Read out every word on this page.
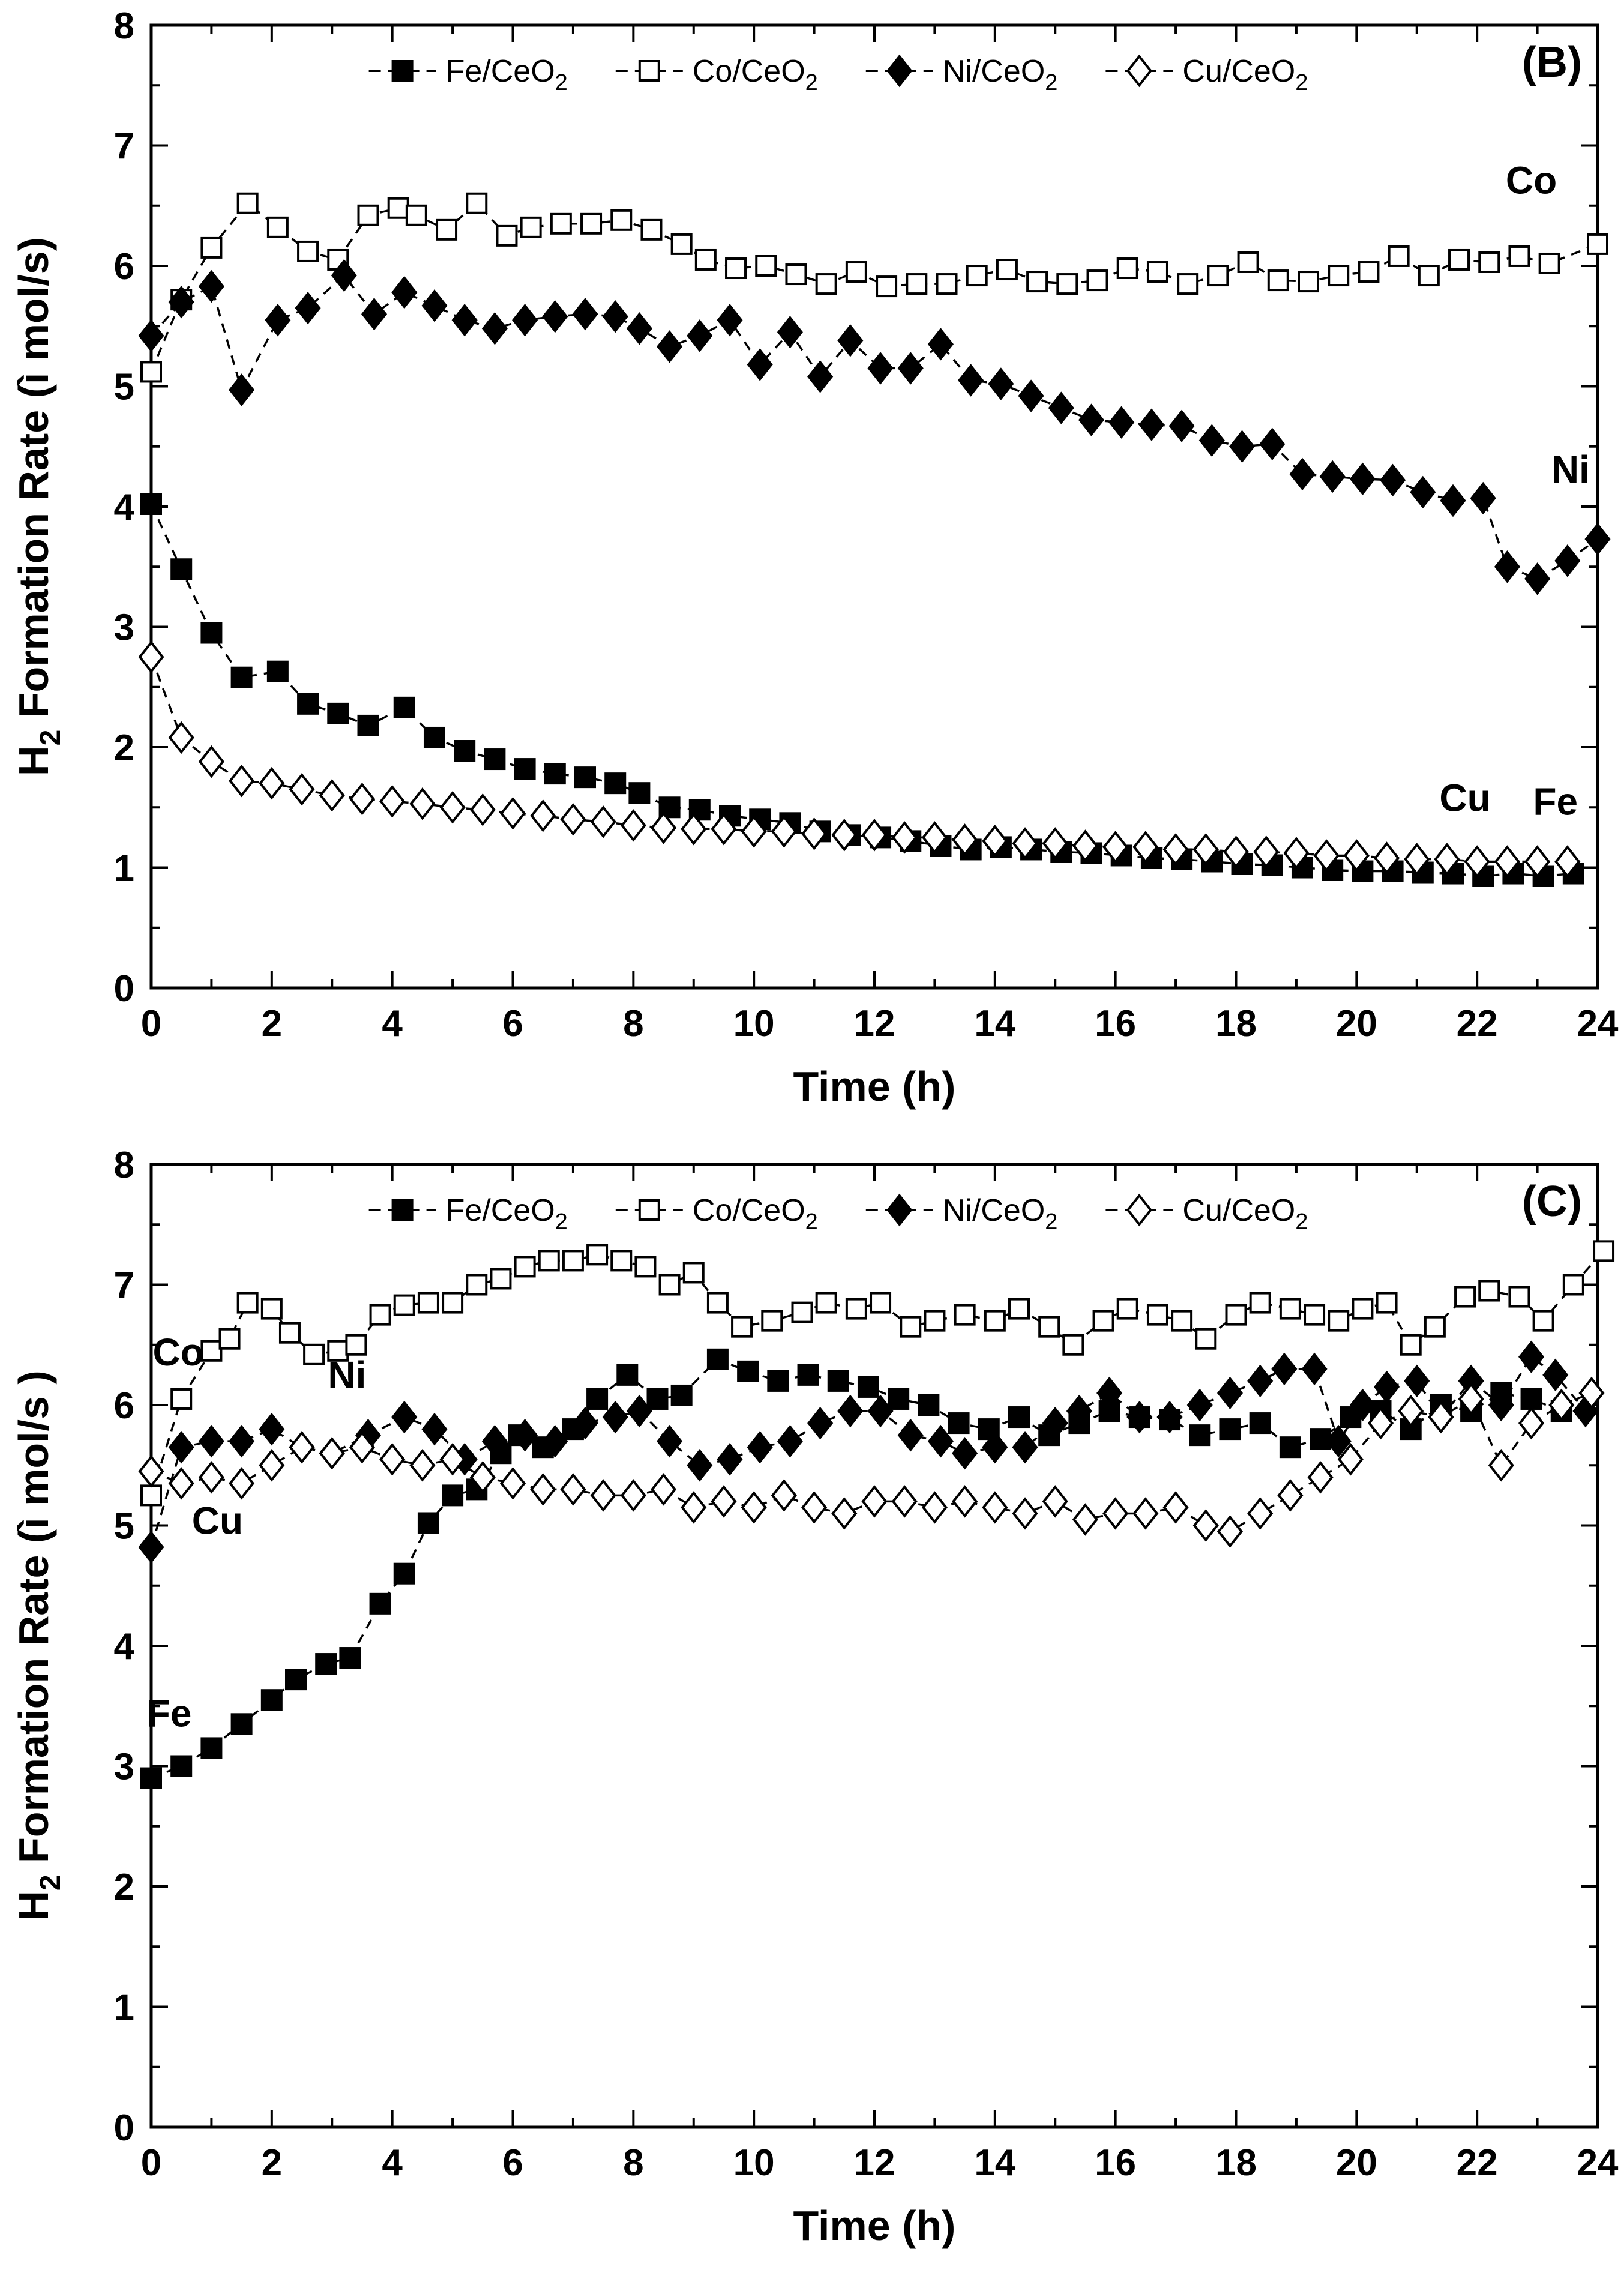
0	2	4	6	8 10 12 14 16 18 20 22 24
0
1
2
3
4
5
6
7
8
Time (h)
$H_2$ Formation Rate (ì mol/s)
Fe/CeO$_2$	Co/CeO$_2$	Ni/CeO$_2$	Cu/CeO$_2$
Co
Ni
Cu Fe
(B)
0	2	4	6	8 10 12 14 16 18 20 22 24
0
1
2
3
4
5
6
7
8
Time (h)
$H_2$ Formation Rate (ì mol/s )
Fe/CeO$_2$	Co/CeO$_2$	Ni/CeO$_2$	Cu/CeO$_2$
Co
Ni
Cu
Fe
(C)
